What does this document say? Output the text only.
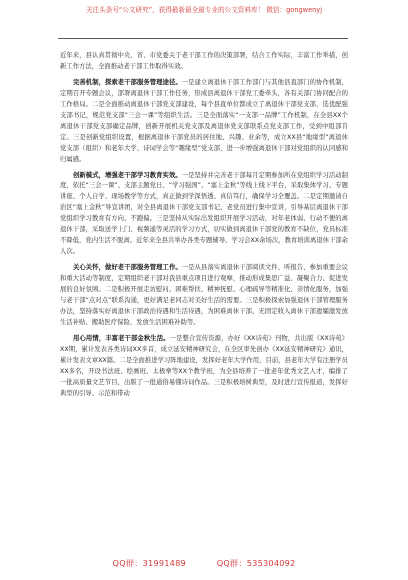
关注头条号“公文研究”，获得最新最全最专业的公文资料库！ 微信：gongwenyj

近年来，县认真贯彻中央、省、市党委关于老干部工作的决策部署，结合工作实际，丰富工作举措，创新工作方法，全面推动老干部工作取得实效。

完善机制，探索老干部服务管理途径。一是建立离退休干部工作部门与其他县直部门的协作机制，定期召开专题会议，部署离退休干部工作任务，形成县离退休干部党工委牵头，各有关部门协同配合的工作格局。二是全面推动离退休干部党支部建设，每个县直单位都成立了离退休干部党支部，选优配强支部书记，规范党支部“三会一课”等组织生活。三是全面落实“一支部一品牌”工作机制，在全县XX个离退休干部党支部确定品牌，创新开展机关党支部及离退休党支部联系点党支部工作，受到中组部肯定。三是创新党组织设置，根据离退休干部党员的居住地、兴趣、业余等，成立XX县“地缘型”离退休党支部（组织）和老年大学、诗词学会等“趣缘型”党支部，进一步增强离退休干部对党组织的认同感和归属感。

创新模式，增强老干部学习教育实效。一是坚持并完善老干部每月定期参加所在党组织学习活动制度，依托“三会一课”、支部主题党日、“学习强国”、“塞上金秋”等线上线下平台，采取集体学习、专题讲座、个人自学、现场教学等方式，真正做到学深悟透、真信笃行，确保学习全覆盖。二是定期邀请自治区“塞上金秋”导宣讲团，对全县离退休干部党支部书记、老党员进行集中宣讲，引导基层离退休干部党组织学习教育有方向、不跑偏。三是坚持从实际出发组织开展学习活动，对年老体弱、行动不便的离退休干部，采取送学上门、视频通等灵活的学习方式，切实做到离退休干部党的教育不缺位，党员标准不降低，党内生活不脱离。近年来全县共举办各类专题辅导、学习会XX余场次，教育培训离退休干部余人次。

关心关怀，做好老干部服务管理工作。一是从县落实离退休干部阅读文件、听报告、参加重要会议和重大活动等制度，定期组织老干部对我县重点项目进行观摩，推动形成集思广益、凝聚合力、促进发展的良好氛围。二是积极开展走访慰问、困难帮扶、精神抚慰、心理疏导等精准化、亲情化服务，加强与老干部“点对点”联系沟通，更好满足老同志对美好生活的需要。三是积极探索加强退休干部管理服务办法，坚持落实好离退休干部政治待遇和生活待遇，为困难离休干部、无固定收入离休干部遗孀激发放生活补贴、搬助医疗保险、发放生活困难补助等。

用心用情，丰富老干部金秋生活。一是整合宣传资源，办好《XX诗苑》刊物，共出版《XX诗苑》XX期，累计发表各类诗词XX多首，成立延安精神研究会，在全区率先创办《XX延安精神研究》通讯，累计发表文章XX篇。二是全面推进学习阵地建设，发挥好老年大学作用，目前，县老年大学有注册学员XX多名，开设书法班、绘画班、太极拳等XX个教学班，为全县培养了一批老年优秀文艺人才，编排了一批高质量文艺节目，出版了一批通俗易懂诗词作品。三是积极培树典型，及时进行宣传报道，发挥好典型的引导、示范和带动

QQ群：31991489	QQ群：535304092
